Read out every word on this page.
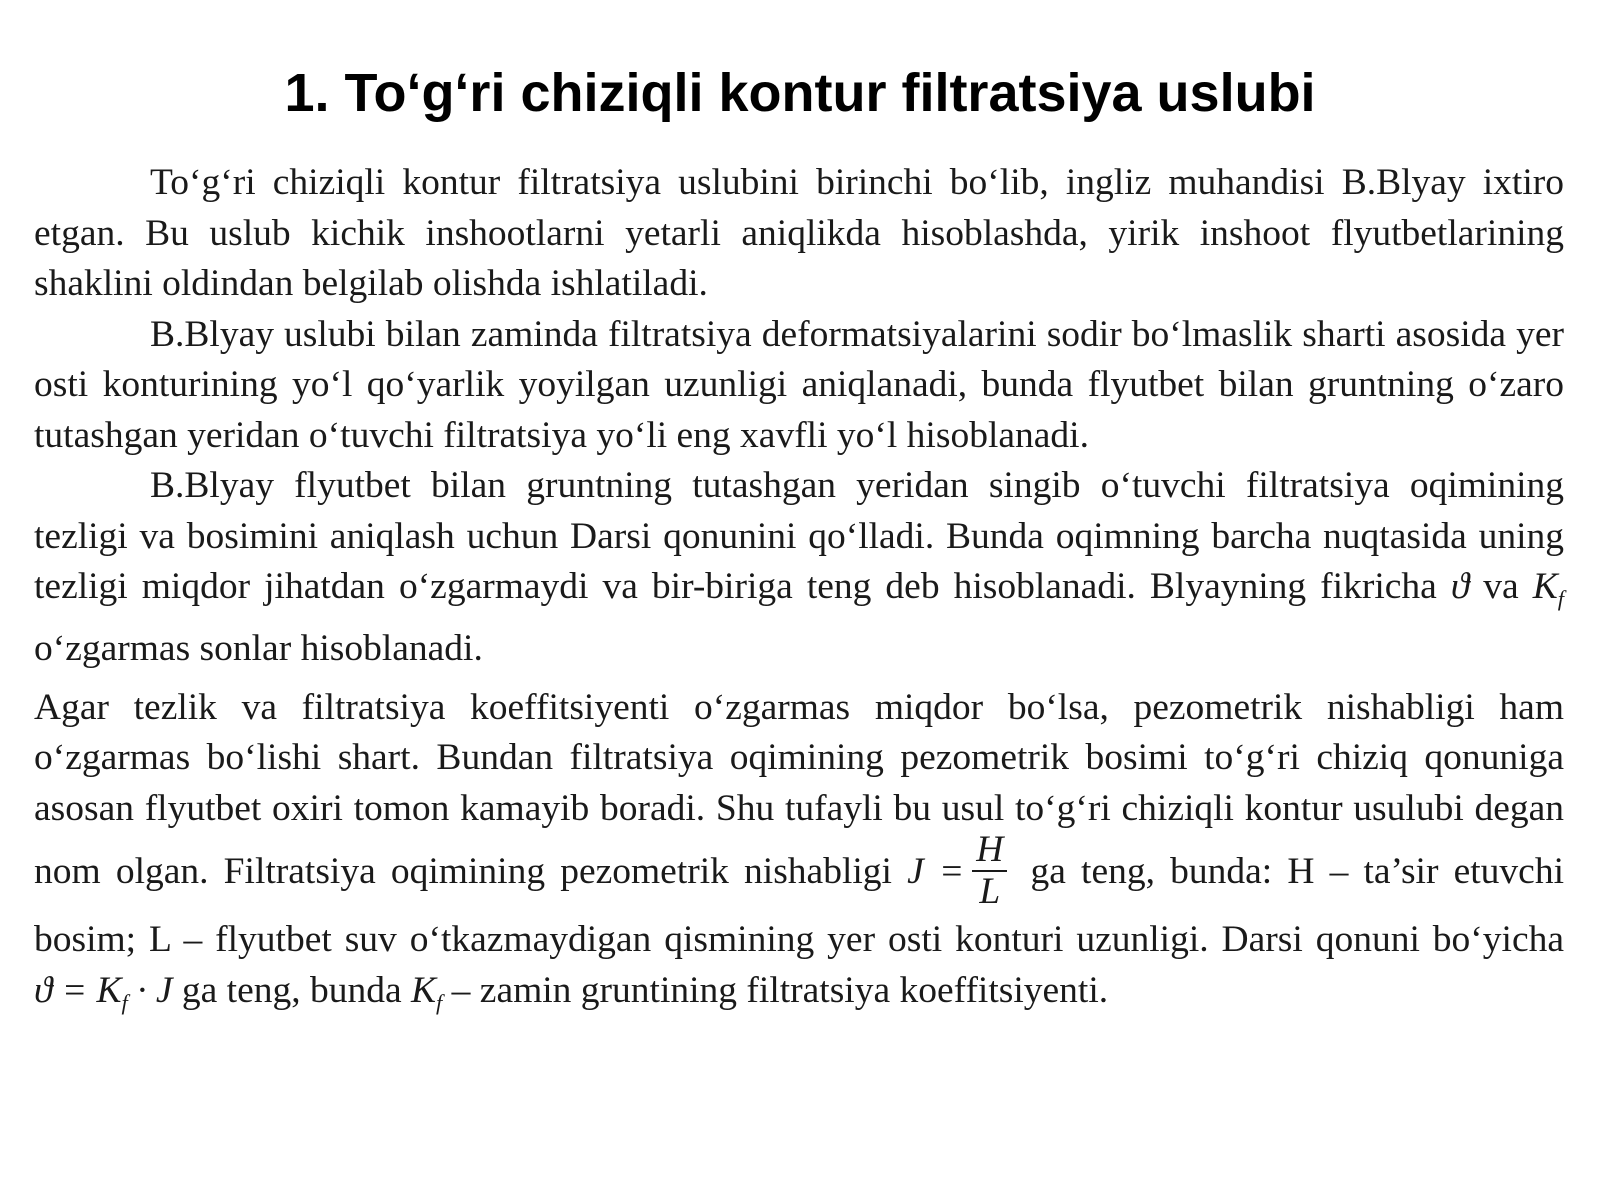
1. To‘g‘ri chiziqli kontur filtratsiya uslubi

To‘g‘ri chiziqli kontur filtratsiya uslubini birinchi bo‘lib, ingliz muhandisi B.Blyay ixtiro etgan. Bu uslub kichik inshootlarni yetarli aniqlikda hisoblashda, yirik inshoot flyutbetlarining shaklini oldindan belgilab olishda ishlatiladi.

B.Blyay uslubi bilan zaminda filtratsiya deformatsiyalarini sodir bo‘lmaslik sharti asosida yer osti konturining yo‘l qo‘yarlik yoyilgan uzunligi aniqlanadi, bunda flyutbet bilan gruntning o‘zaro tutashgan yeridan o‘tuvchi filtratsiya yo‘li eng xavfli yo‘l hisoblanadi.

B.Blyay flyutbet bilan gruntning tutashgan yeridan singib o‘tuvchi filtratsiya oqimining tezligi va bosimini aniqlash uchun Darsi qonunini qo‘lladi. Bunda oqimning barcha nuqtasida uning tezligi miqdor jihatdan o‘zgarmaydi va bir-biriga teng deb hisoblanadi. Blyayning fikricha ϑ va $K_f$ o‘zgarmas sonlar hisoblanadi.

Agar tezlik va filtratsiya koeffitsiyenti o‘zgarmas miqdor bo‘lsa, pezometrik nishabligi ham o‘zgarmas bo‘lishi shart. Bundan filtratsiya oqimining pezometrik bosimi to‘g‘ri chiziq qonuniga asosan flyutbet oxiri tomon kamayib boradi. Shu tufayli bu usul to‘g‘ri chiziqli kontur usulubi degan nom olgan. Filtratsiya oqimining pezometrik nishabligi $J = \frac{H}{L}$ ga teng, bunda: H – ta’sir etuvchi bosim; L – flyutbet suv o‘tkazmaydigan qismining yer osti konturi uzunligi. Darsi qonuni bo‘yicha $ϑ = K_f \cdot J$ ga teng, bunda $K_f$ – zamin gruntining filtratsiya koeffitsiyenti.
